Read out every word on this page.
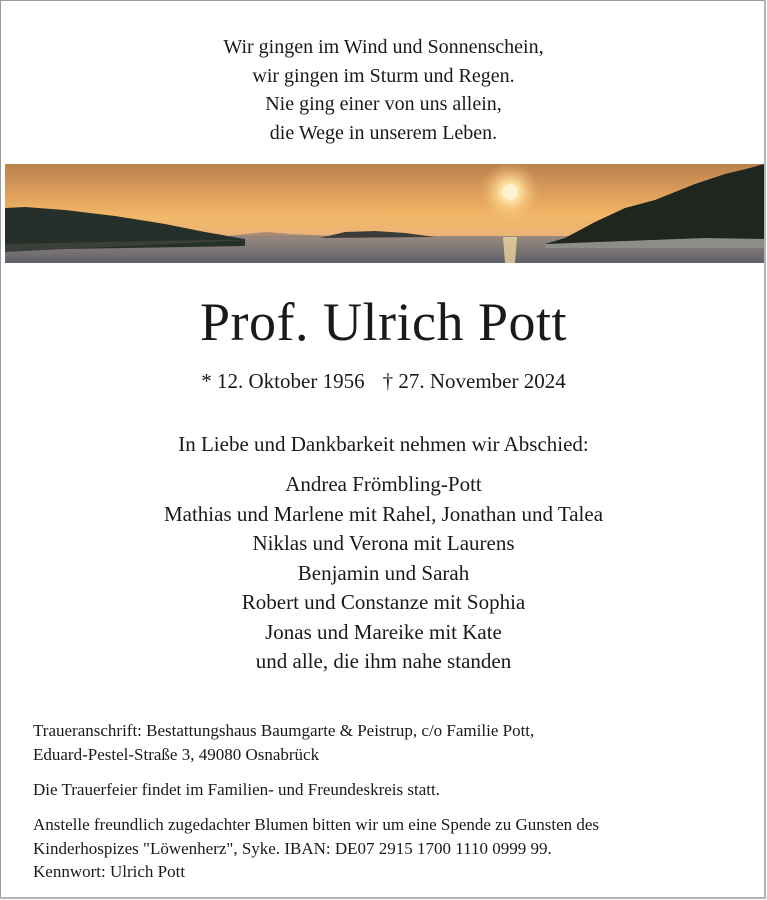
Wir gingen im Wind und Sonnenschein,
wir gingen im Sturm und Regen.
Nie ging einer von uns allein,
die Wege in unserem Leben.
Prof. Ulrich Pott
* 12. Oktober 1956 † 27. November 2024
In Liebe und Dankbarkeit nehmen wir Abschied:
Andrea Frömbling-Pott
Mathias und Marlene mit Rahel, Jonathan und Talea
Niklas und Verona mit Laurens
Benjamin und Sarah
Robert und Constanze mit Sophia
Jonas und Mareike mit Kate
und alle, die ihm nahe standen
Traueranschrift: Bestattungshaus Baumgarte & Peistrup, c/o Familie Pott,
Eduard-Pestel-Straße 3, 49080 Osnabrück
Die Trauerfeier findet im Familien- und Freundeskreis statt.
Anstelle freundlich zugedachter Blumen bitten wir um eine Spende zu Gunsten des
Kinderhospizes "Löwenherz", Syke. IBAN: DE07 2915 1700 1110 0999 99.
Kennwort: Ulrich Pott
